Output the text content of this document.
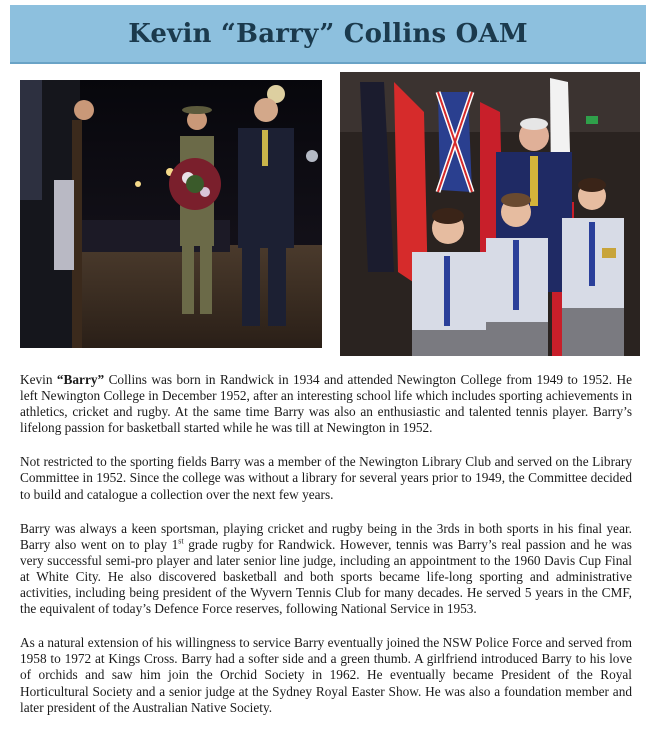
Kevin “Barry” Collins OAM

Kevin “Barry” Collins was born in Randwick in 1934 and attended Newington College from 1949 to 1952. He left Newington College in December 1952, after an interesting school life which includes sporting achievements in athletics, cricket and rugby. At the same time Barry was also an enthusiastic and talented tennis player. Barry’s lifelong passion for basketball started while he was till at Newington in 1952.

Not restricted to the sporting fields Barry was a member of the Newington Library Club and served on the Library Committee in 1952. Since the college was without a library for several years prior to 1949, the Committee decided to build and catalogue a collection over the next few years.

Barry was always a keen sportsman, playing cricket and rugby being in the 3rds in both sports in his final year. Barry also went on to play 1st grade rugby for Randwick. However, tennis was Barry’s real passion and he was very successful semi-pro player and later senior line judge, including an appointment to the 1960 Davis Cup Final at White City. He also discovered basketball and both sports became life-long sporting and administrative activities, including being president of the Wyvern Tennis Club for many decades. He served 5 years in the CMF, the equivalent of today’s Defence Force reserves, following National Service in 1953.

As a natural extension of his willingness to service Barry eventually joined the NSW Police Force and served from 1958 to 1972 at Kings Cross. Barry had a softer side and a green thumb. A girlfriend introduced Barry to his love of orchids and saw him join the Orchid Society in 1962. He eventually became President of the Royal Horticultural Society and a senior judge at the Sydney Royal Easter Show. He was also a foundation member and later president of the Australian Native Society.
